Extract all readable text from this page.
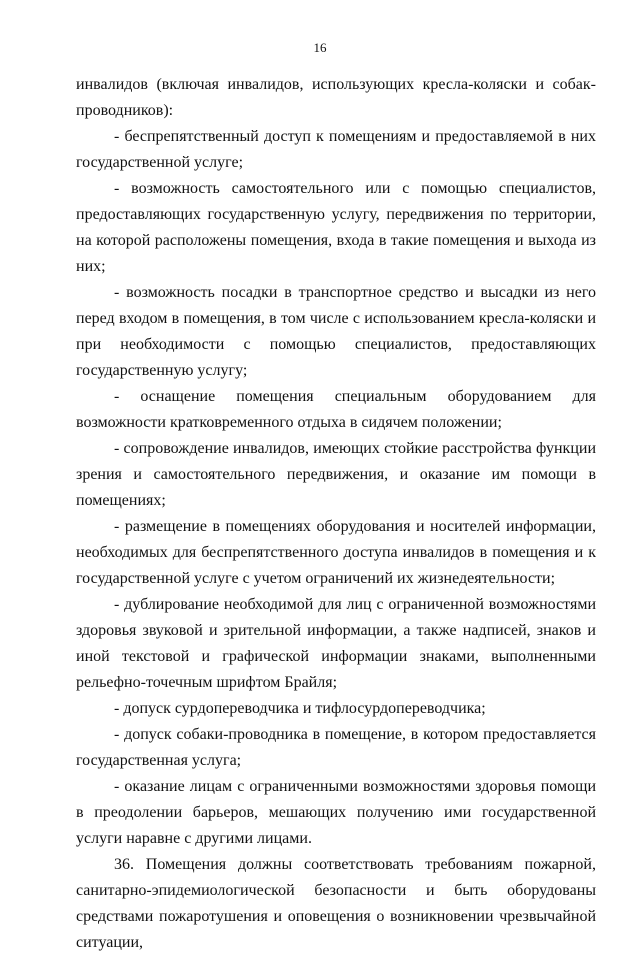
16

инвалидов (включая инвалидов, использующих кресла-коляски и собак-проводников):

- беспрепятственный доступ к помещениям и предоставляемой в них государственной услуге;

- возможность самостоятельного или с помощью специалистов, предоставляющих государственную услугу, передвижения по территории, на которой расположены помещения, входа в такие помещения и выхода из них;

- возможность посадки в транспортное средство и высадки из него перед входом в помещения, в том числе с использованием кресла-коляски и при необходимости с помощью специалистов, предоставляющих государственную услугу;

- оснащение помещения специальным оборудованием для возможности кратковременного отдыха в сидячем положении;

- сопровождение инвалидов, имеющих стойкие расстройства функции зрения и самостоятельного передвижения, и оказание им помощи в помещениях;

- размещение в помещениях оборудования и носителей информации, необходимых для беспрепятственного доступа инвалидов в помещения и к государственной услуге с учетом ограничений их жизнедеятельности;

- дублирование необходимой для лиц с ограниченной возможностями здоровья звуковой и зрительной информации, а также надписей, знаков и иной текстовой и графической информации знаками, выполненными рельефно-точечным шрифтом Брайля;

- допуск сурдопереводчика и тифлосурдопереводчика;

- допуск собаки-проводника в помещение, в котором предоставляется государственная услуга;

- оказание лицам с ограниченными возможностями здоровья помощи в преодолении барьеров, мешающих получению ими государственной услуги наравне с другими лицами.

36. Помещения должны соответствовать требованиям пожарной, санитарно-эпидемиологической безопасности и быть оборудованы средствами пожаротушения и оповещения о возникновении чрезвычайной ситуации,
